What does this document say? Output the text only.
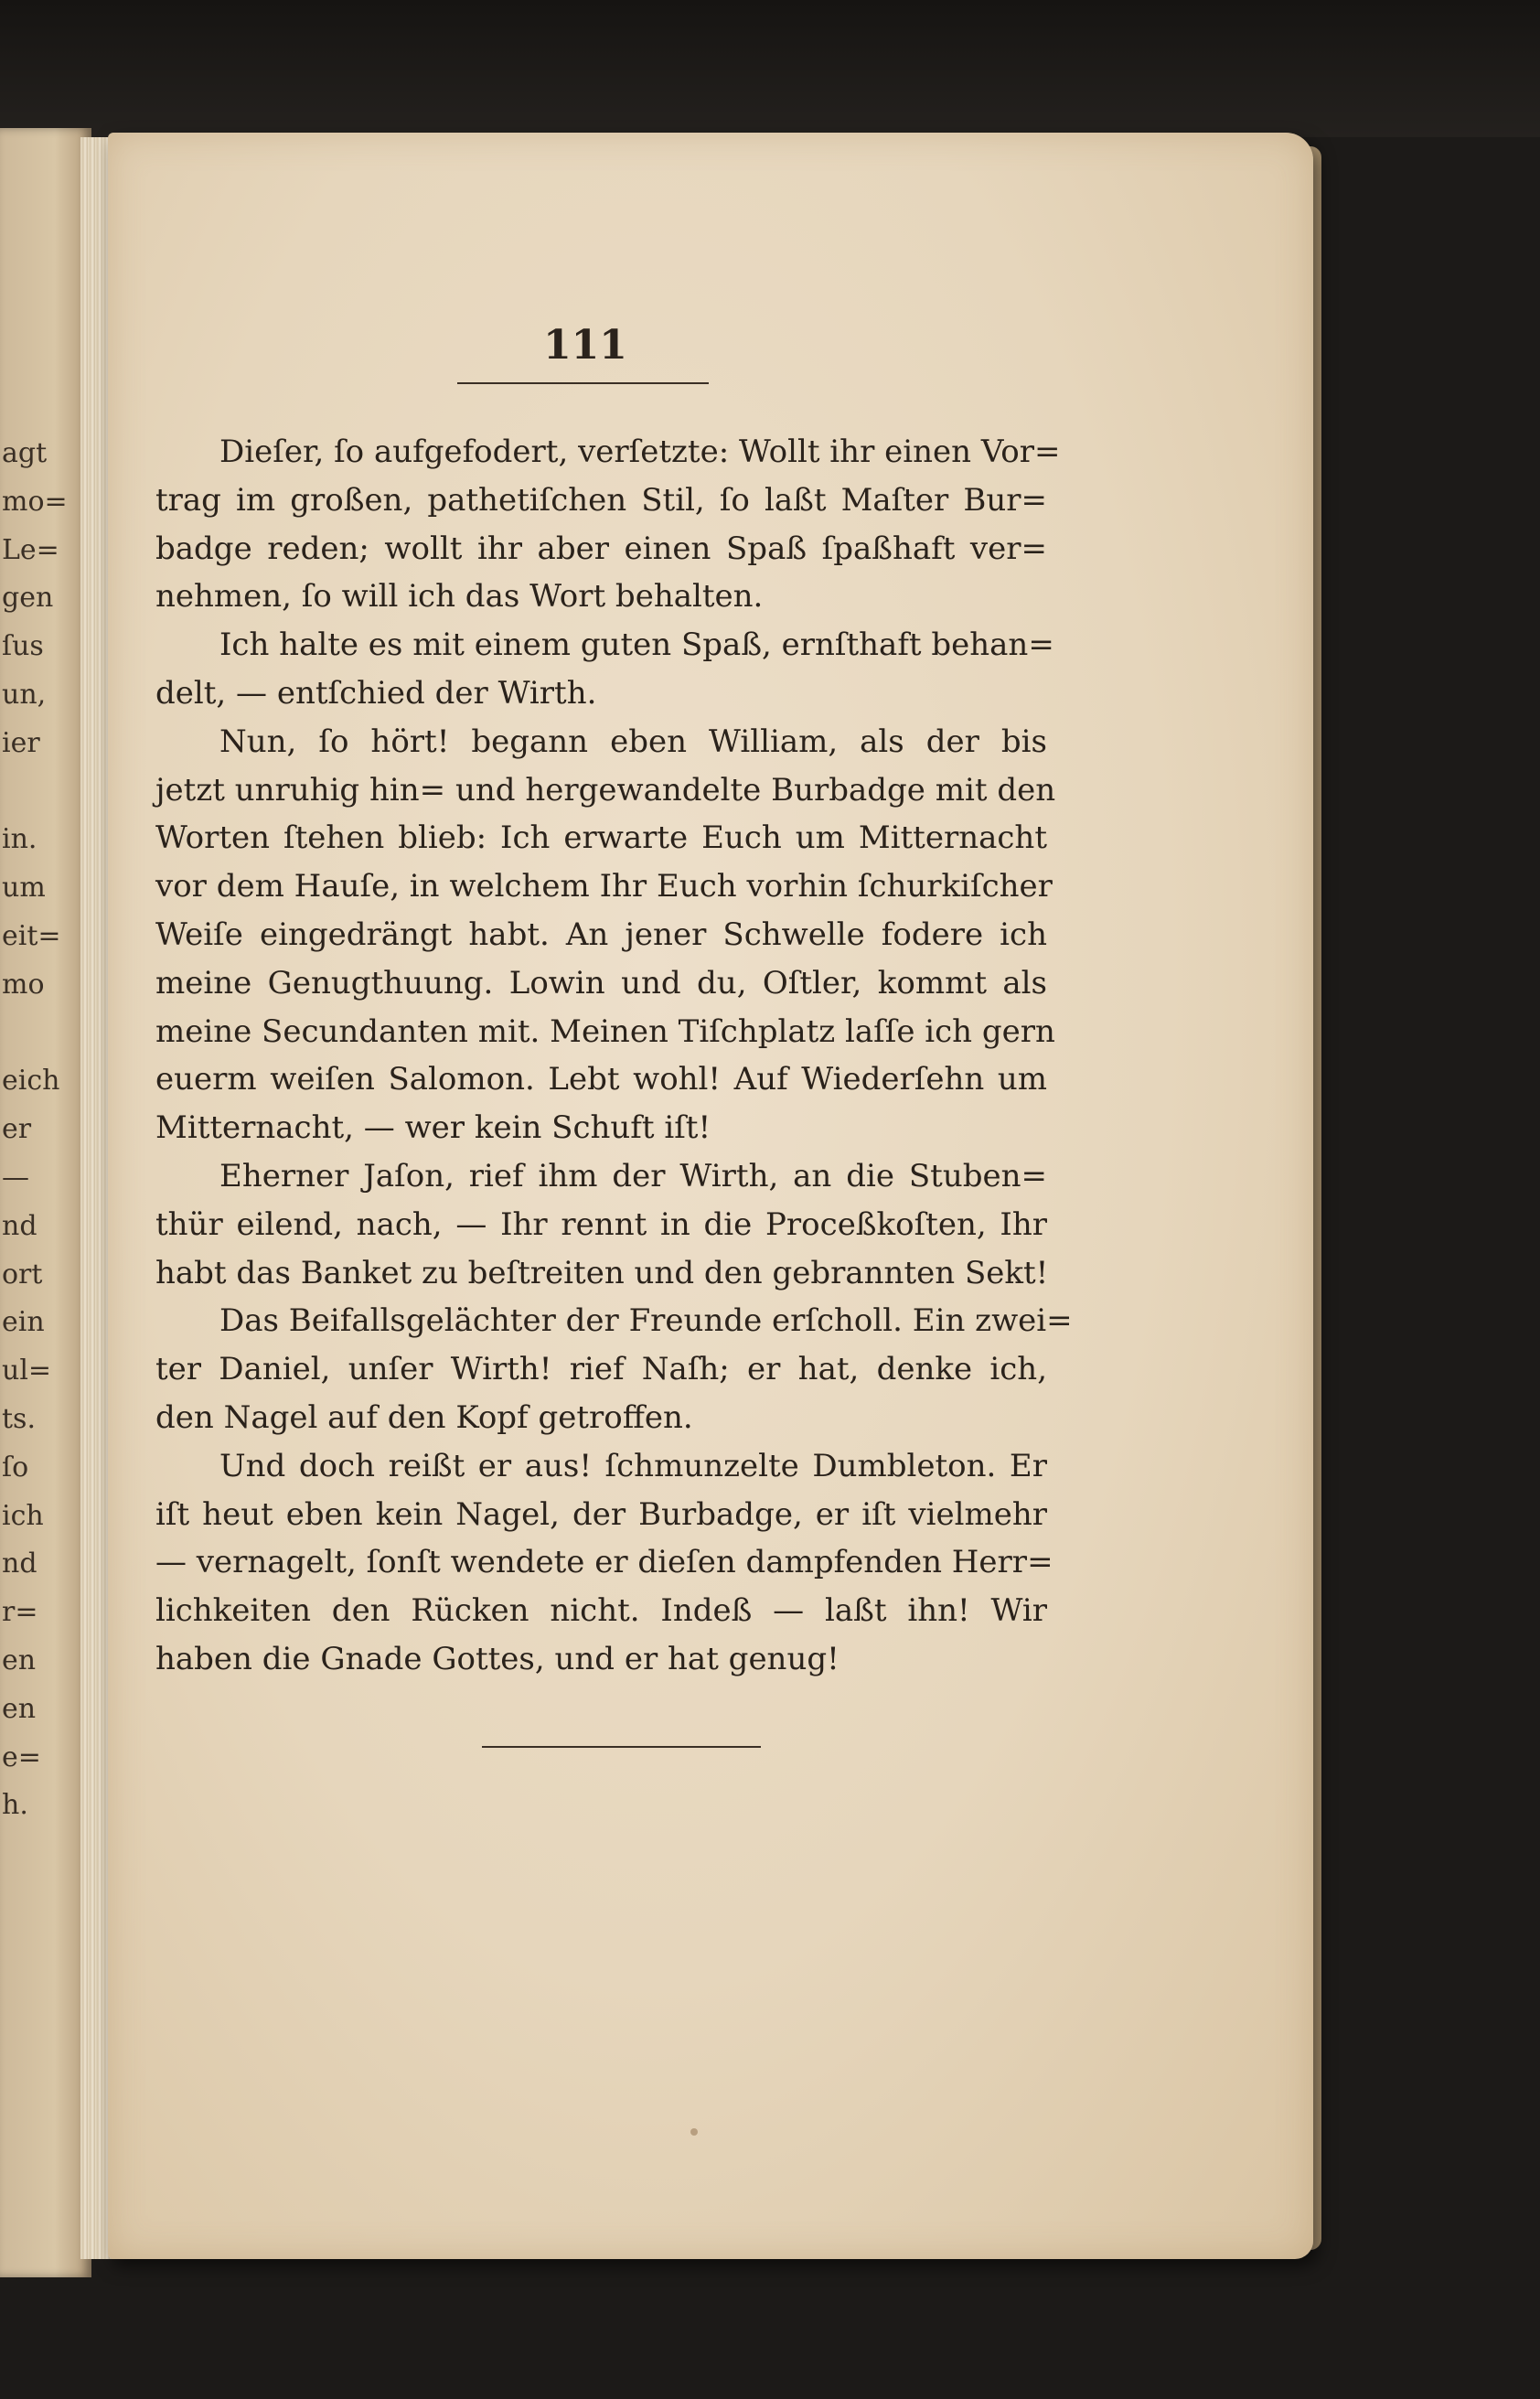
agt
mo=
Le=
gen
ſus
un,
ier
in.
um
eit=
mo
eich
er
—
nd
ort
ein
ul=
ts.
ſo
ich
nd
r=
en
en
e=
h.
111
Dieſer, ſo aufgefodert, verſetzte: Wollt ihr einen Vor=
trag im großen, pathetiſchen Stil, ſo laßt Maſter Bur=
badge reden; wollt ihr aber einen Spaß ſpaßhaft ver=
nehmen, ſo will ich das Wort behalten.
Ich halte es mit einem guten Spaß, ernſthaft behan=
delt, — entſchied der Wirth.
Nun, ſo hört! begann eben William, als der bis
jetzt unruhig hin= und hergewandelte Burbadge mit den
Worten ſtehen blieb: Ich erwarte Euch um Mitternacht
vor dem Hauſe, in welchem Ihr Euch vorhin ſchurkiſcher
Weiſe eingedrängt habt. An jener Schwelle fodere ich
meine Genugthuung. Lowin und du, Oſtler, kommt als
meine Secundanten mit. Meinen Tiſchplatz laſſe ich gern
euerm weiſen Salomon. Lebt wohl! Auf Wiederſehn um
Mitternacht, — wer kein Schuft iſt!
Eherner Jaſon, rief ihm der Wirth, an die Stuben=
thür eilend, nach, — Ihr rennt in die Proceßkoſten, Ihr
habt das Banket zu beſtreiten und den gebrannten Sekt!
Das Beifallsgelächter der Freunde erſcholl. Ein zwei=
ter Daniel, unſer Wirth! rief Naſh; er hat, denke ich,
den Nagel auf den Kopf getroffen.
Und doch reißt er aus! ſchmunzelte Dumbleton. Er
iſt heut eben kein Nagel, der Burbadge, er iſt vielmehr
— vernagelt, ſonſt wendete er dieſen dampfenden Herr=
lichkeiten den Rücken nicht. Indeß — laßt ihn! Wir
haben die Gnade Gottes, und er hat genug!
